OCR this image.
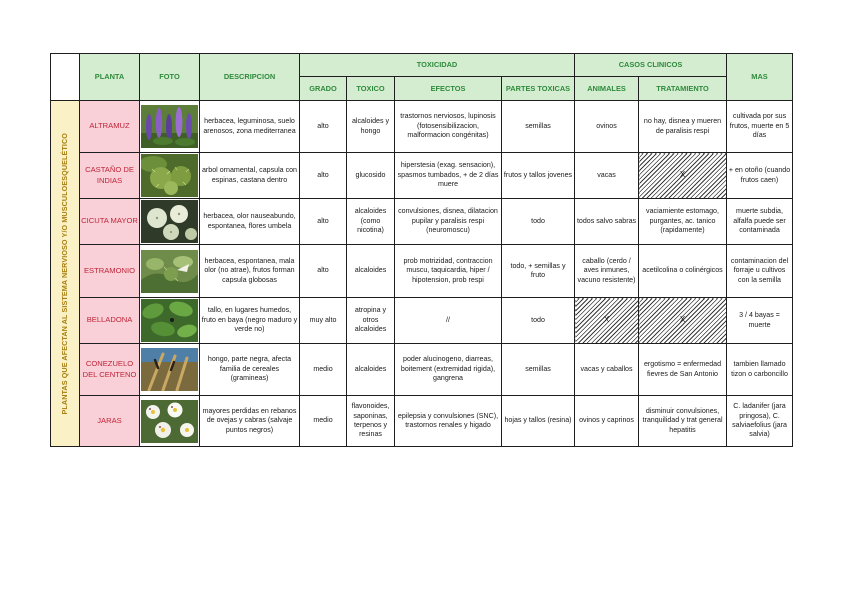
	PLANTA	FOTO	DESCRIPCION	TOXICIDAD				CASOS CLINICOS		MAS
				GRADO	TOXICO	EFECTOS	PARTES TOXICAS	ANIMALES	TRATAMIENTO	

PLANTAS QUE AFECTAN AL SISTEMA NERVIOSO Y/O MUSCULOESQUELÉTICO	ALTRAMUZ		herbacea, leguminosa, suelo arenosos, zona mediterranea	alto	alcaloides y hongo	trastornos nerviosos, lupinosis (fotosensibilizacion, malformacion congénitas)	semillas	ovinos	no hay, disnea y mueren de paralisis respi	cultivada por sus frutos, muerte en 5 días
	CASTAÑO DE INDIAS		arbol ornamental, capsula con espinas, castana dentro	alto	glucosido	hiperstesia (exag. sensacion), spasmos tumbados, + de 2 días muere	frutos y tallos jovenes	vacas	X	+ en otoño (cuando frutos caen)
	CICUTA MAYOR		herbacea, olor nauseabundo, espontanea, flores umbela	alto	alcaloides (como nicotina)	convulsiones, disnea, dilatacion pupilar y paralisis respi (neuromoscu)	todo	todos salvo sabras	vaciamiente estomago, purgantes, ac. tanico (rapidamente)	muerte subdia, alfalfa puede ser contaminada
	ESTRAMONIO		herbacea, espontanea, mala olor (no atrae), frutos forman capsula globosas	alto	alcaloides	prob motrizidad, contraccion muscu, taquicardia, hiper / hipotension, prob respi	todo, + semillas y fruto	caballo (cerdo / aves inmunes, vacuno resistente)	acetilcolina o colinérgicos	contaminacion del forraje u cultivos con la semilla
	BELLADONA		tallo, en lugares humedos, fruto en baya (negro maduro y verde no)	muy alto	atropina y otros alcaloides	//	todo	X	X	3 / 4 bayas = muerte
	CONEZUELO DEL CENTENO		hongo, parte negra, afecta familia de cereales (gramineas)	medio	alcaloides	poder alucinogeno, diarreas, boitement (extremidad rigida), gangrena	semillas	vacas y caballos	ergotismo = enfermedad fievres de San Antonio	tambien llamado tizon o carboncillo
	JARAS		mayores perdidas en rebanos de ovejas y cabras (salvaje puntos negros)	medio	flavonoides, saponinas, terpenos y resinas	epilepsia y convulsiones (SNC), trastornos renales y higado	hojas y tallos (resina)	ovinos y caprinos	disminuir convulsiones, tranquilidad y trat general hepatitis	C. ladanifer (jara pringosa), C. salviaefolius (jara salvia)
